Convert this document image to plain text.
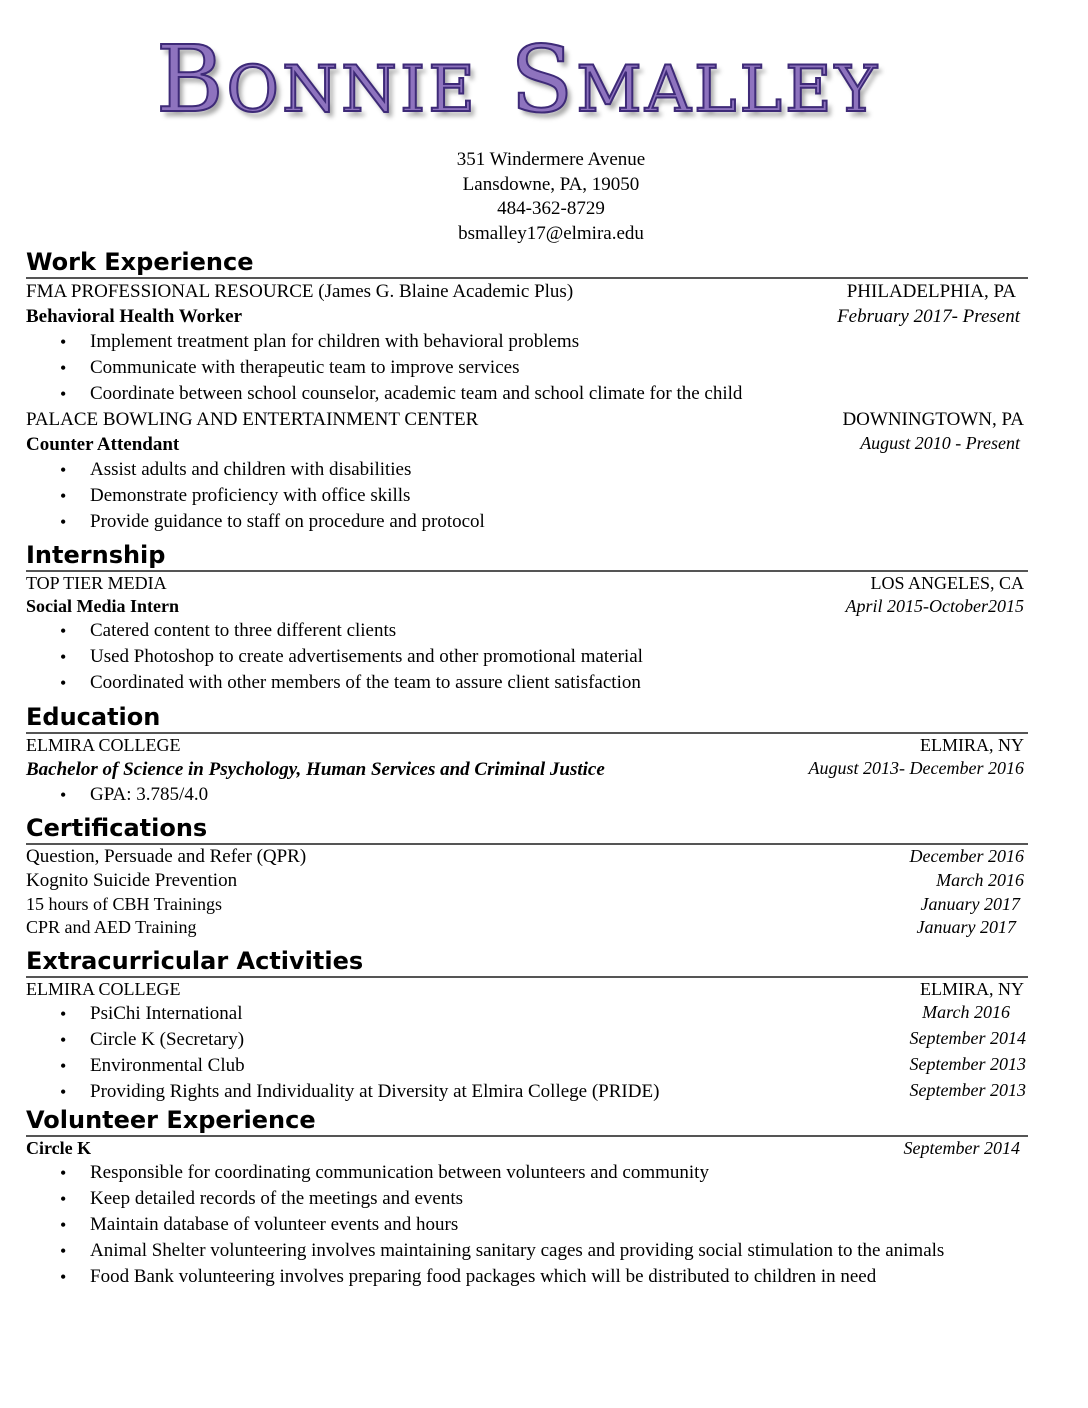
Bonnie Smalley
351 Windermere Avenue
Lansdowne, PA, 19050
484-362-8729
bsmalley17@elmira.edu
Work Experience
FMA PROFESSIONAL RESOURCE (James G. Blaine Academic Plus)	PHILADELPHIA, PA
Behavioral Health Worker	February 2017- Present
• Implement treatment plan for children with behavioral problems
• Communicate with therapeutic team to improve services
• Coordinate between school counselor, academic team and school climate for the child
PALACE BOWLING AND ENTERTAINMENT CENTER	DOWNINGTOWN, PA
Counter Attendant	August 2010 - Present
• Assist adults and children with disabilities
• Demonstrate proficiency with office skills
• Provide guidance to staff on procedure and protocol
Internship
TOP TIER MEDIA	LOS ANGELES, CA
Social Media Intern	April 2015-October2015
• Catered content to three different clients
• Used Photoshop to create advertisements and other promotional material
• Coordinated with other members of the team to assure client satisfaction
Education
ELMIRA COLLEGE	ELMIRA, NY
Bachelor of Science in Psychology, Human Services and Criminal Justice	August 2013- December 2016
• GPA: 3.785/4.0
Certifications
Question, Persuade and Refer (QPR)	December 2016
Kognito Suicide Prevention	March 2016
15 hours of CBH Trainings	January 2017
CPR and AED Training	January 2017
Extracurricular Activities
ELMIRA COLLEGE	ELMIRA, NY
• PsiChi International	March 2016
• Circle K (Secretary)	September 2014
• Environmental Club	September 2013
• Providing Rights and Individuality at Diversity at Elmira College (PRIDE)	September 2013
Volunteer Experience
Circle K	September 2014
• Responsible for coordinating communication between volunteers and community
• Keep detailed records of the meetings and events
• Maintain database of volunteer events and hours
• Animal Shelter volunteering involves maintaining sanitary cages and providing social stimulation to the animals
• Food Bank volunteering involves preparing food packages which will be distributed to children in need
